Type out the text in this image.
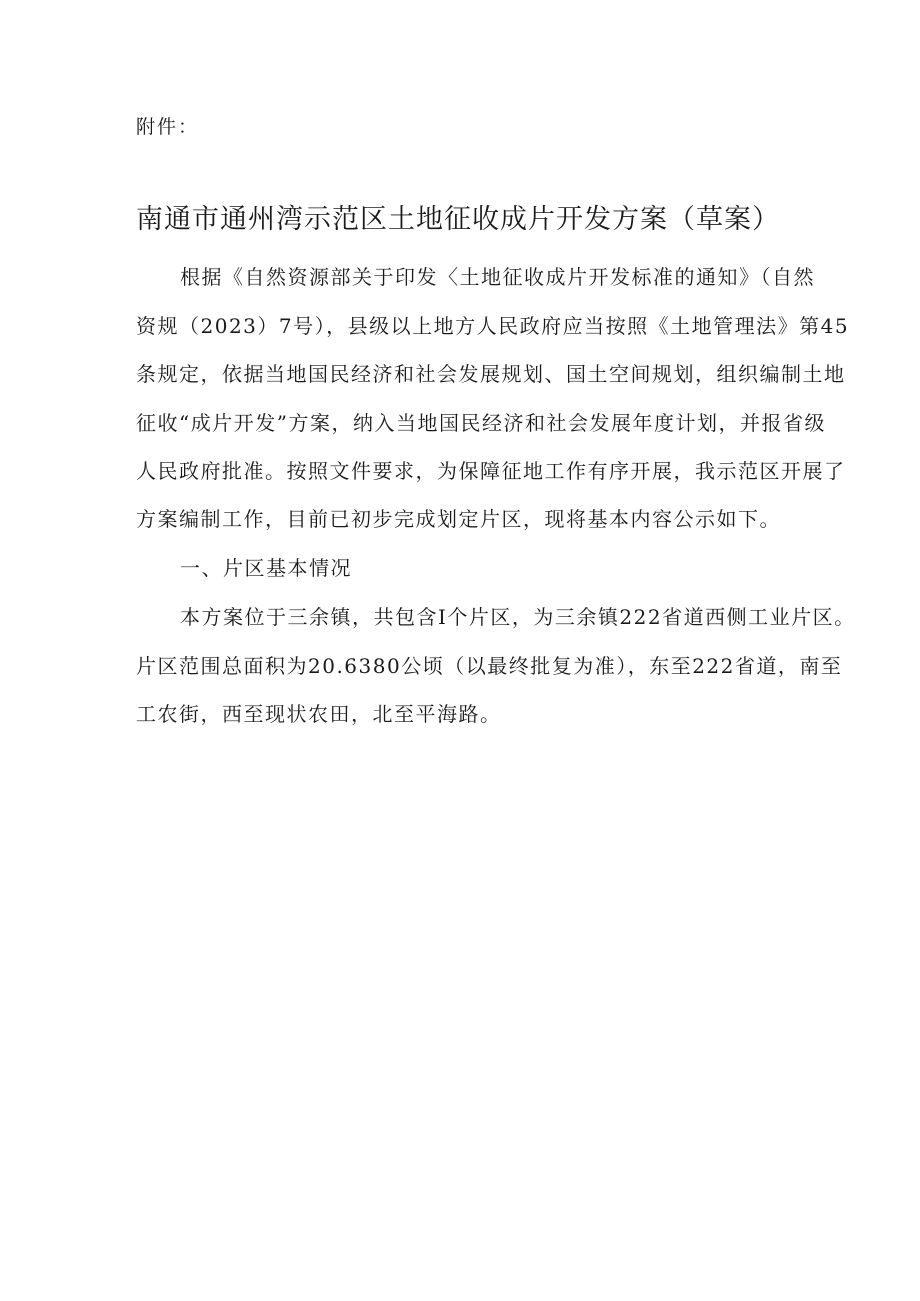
附件：
南通市通州湾示范区土地征收成片开发方案（草案）
根据《自然资源部关于印发〈土地征收成片开发标准的通知》（自然
资规（2023）7号），县级以上地方人民政府应当按照《土地管理法》第45
条规定，依据当地国民经济和社会发展规划、国土空间规划，组织编制土地
征收“成片开发”方案，纳入当地国民经济和社会发展年度计划，并报省级
人民政府批准。按照文件要求，为保障征地工作有序开展，我示范区开展了
方案编制工作，目前已初步完成划定片区，现将基本内容公示如下。
一、片区基本情况
本方案位于三余镇，共包含I个片区，为三余镇222省道西侧工业片区。
片区范围总面积为20.6380公顷（以最终批复为准），东至222省道，南至
工农街，西至现状农田，北至平海路。
